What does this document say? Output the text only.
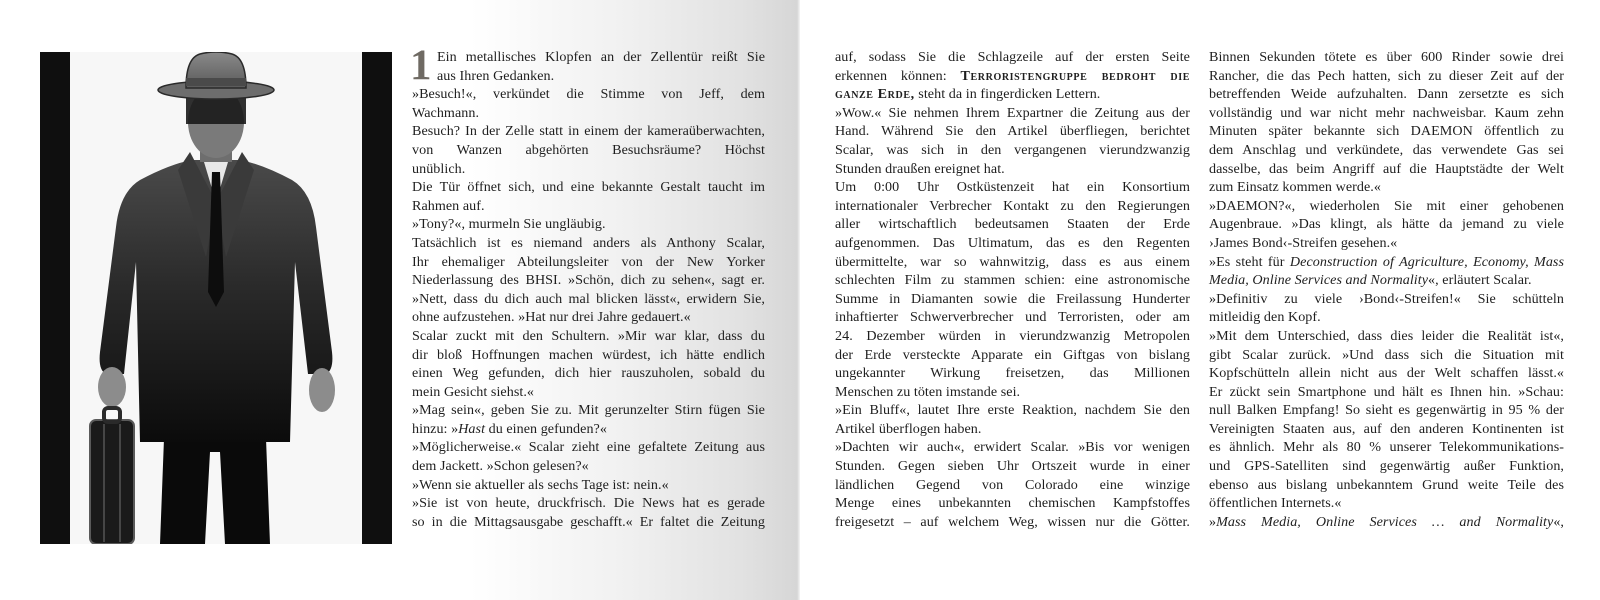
1 Ein metallisches Klopfen an der Zellentür reißt Sie
aus Ihren Gedanken.
»Besuch!«, verkündet die Stimme von Jeff, dem
Wachmann.
Besuch? In der Zelle statt in einem der kameraüberwachten,
von Wanzen abgehörten Besuchsräume? Höchst
unüblich.
Die Tür öffnet sich, und eine bekannte Gestalt taucht im
Rahmen auf.
»Tony?«, murmeln Sie ungläubig.
Tatsächlich ist es niemand anders als Anthony Scalar,
Ihr ehemaliger Abteilungsleiter von der New Yorker
Niederlassung des BHSI. »Schön, dich zu sehen«, sagt er.
»Nett, dass du dich auch mal blicken lässt«, erwidern Sie,
ohne aufzustehen. »Hat nur drei Jahre gedauert.«
Scalar zuckt mit den Schultern. »Mir war klar, dass du
dir bloß Hoffnungen machen würdest, ich hätte endlich
einen Weg gefunden, dich hier rauszuholen, sobald du
mein Gesicht siehst.«
»Mag sein«, geben Sie zu. Mit gerunzelter Stirn fügen Sie
hinzu: »Hast du einen gefunden?«
»Möglicherweise.« Scalar zieht eine gefaltete Zeitung aus
dem Jackett. »Schon gelesen?«
»Wenn sie aktueller als sechs Tage ist: nein.«
»Sie ist von heute, druckfrisch. Die News hat es gerade
so in die Mittagsausgabe geschafft.« Er faltet die Zeitung
auf, sodass Sie die Schlagzeile auf der ersten Seite
erkennen können: Terroristengruppe bedroht die
ganze Erde, steht da in fingerdicken Lettern.
»Wow.« Sie nehmen Ihrem Expartner die Zeitung aus der
Hand. Während Sie den Artikel überfliegen, berichtet
Scalar, was sich in den vergangenen vierundzwanzig
Stunden draußen ereignet hat.
Um 0:00 Uhr Ostküstenzeit hat ein Konsortium
internationaler Verbrecher Kontakt zu den Regierungen
aller wirtschaftlich bedeutsamen Staaten der Erde
aufgenommen. Das Ultimatum, das es den Regenten
übermittelte, war so wahnwitzig, dass es aus einem
schlechten Film zu stammen schien: eine astronomische
Summe in Diamanten sowie die Freilassung Hunderter
inhaftierter Schwerverbrecher und Terroristen, oder am
24. Dezember würden in vierundzwanzig Metropolen
der Erde versteckte Apparate ein Giftgas von bislang
ungekannter Wirkung freisetzen, das Millionen
Menschen zu töten imstande sei.
»Ein Bluff«, lautet Ihre erste Reaktion, nachdem Sie den
Artikel überflogen haben.
»Dachten wir auch«, erwidert Scalar. »Bis vor wenigen
Stunden. Gegen sieben Uhr Ortszeit wurde in einer
ländlichen Gegend von Colorado eine winzige
Menge eines unbekannten chemischen Kampfstoffes
freigesetzt – auf welchem Weg, wissen nur die Götter.
Binnen Sekunden tötete es über 600 Rinder sowie drei
Rancher, die das Pech hatten, sich zu dieser Zeit auf der
betreffenden Weide aufzuhalten. Dann zersetzte es sich
vollständig und war nicht mehr nachweisbar. Kaum zehn
Minuten später bekannte sich DAEMON öffentlich zu
dem Anschlag und verkündete, das verwendete Gas sei
dasselbe, das beim Angriff auf die Hauptstädte der Welt
zum Einsatz kommen werde.«
»DAEMON?«, wiederholen Sie mit einer gehobenen
Augenbraue. »Das klingt, als hätte da jemand zu viele
›James Bond‹-Streifen gesehen.«
»Es steht für Deconstruction of Agriculture, Economy, Mass
Media, Online Services and Normality«, erläutert Scalar.
»Definitiv zu viele ›Bond‹-Streifen!« Sie schütteln
mitleidig den Kopf.
»Mit dem Unterschied, dass dies leider die Realität ist«,
gibt Scalar zurück. »Und dass sich die Situation mit
Kopfschütteln allein nicht aus der Welt schaffen lässt.«
Er zückt sein Smartphone und hält es Ihnen hin. »Schau:
null Balken Empfang! So sieht es gegenwärtig in 95 % der
Vereinigten Staaten aus, auf den anderen Kontinenten ist
es ähnlich. Mehr als 80 % unserer Telekommunikations-
und GPS-Satelliten sind gegenwärtig außer Funktion,
ebenso aus bislang unbekanntem Grund weite Teile des
öffentlichen Internets.«
»Mass Media, Online Services … and Normality«,
